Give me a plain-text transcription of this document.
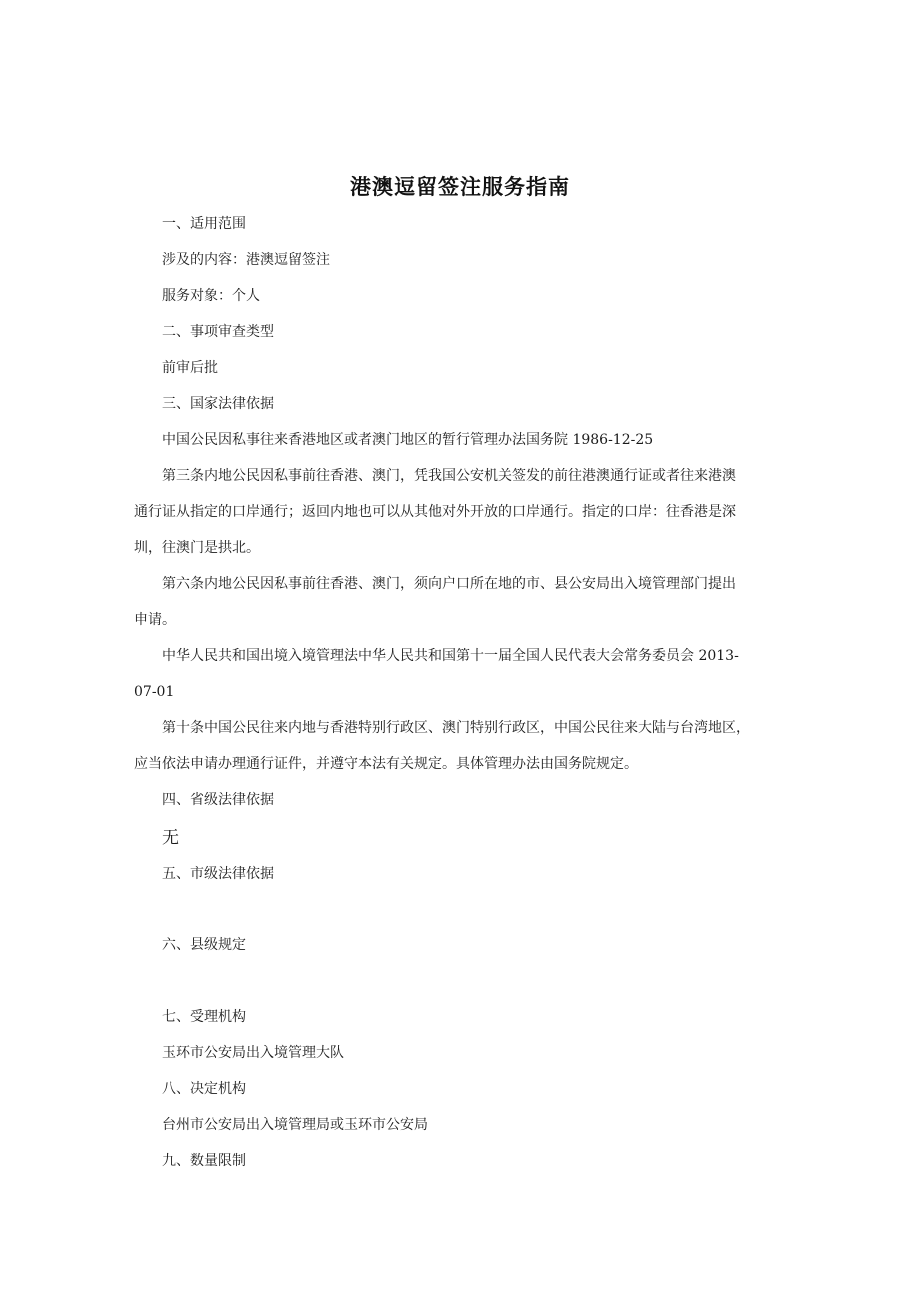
港澳逗留签注服务指南
一、适用范围
涉及的内容：港澳逗留签注
服务对象：个人
二、事项审查类型
前审后批
三、国家法律依据
中国公民因私事往来香港地区或者澳门地区的暂行管理办法国务院 1986-12-25
第三条内地公民因私事前往香港、澳门，凭我国公安机关签发的前往港澳通行证或者往来港澳
通行证从指定的口岸通行；返回内地也可以从其他对外开放的口岸通行。指定的口岸：往香港是深
圳，往澳门是拱北。
第六条内地公民因私事前往香港、澳门，须向户口所在地的市、县公安局出入境管理部门提出
申请。
中华人民共和国出境入境管理法中华人民共和国第十一届全国人民代表大会常务委员会 2013-
07-01
第十条中国公民往来内地与香港特别行政区、澳门特别行政区，中国公民往来大陆与台湾地区，
应当依法申请办理通行证件，并遵守本法有关规定。具体管理办法由国务院规定。
四、省级法律依据
无
五、市级法律依据
六、县级规定
七、受理机构
玉环市公安局出入境管理大队
八、决定机构
台州市公安局出入境管理局或玉环市公安局
九、数量限制
